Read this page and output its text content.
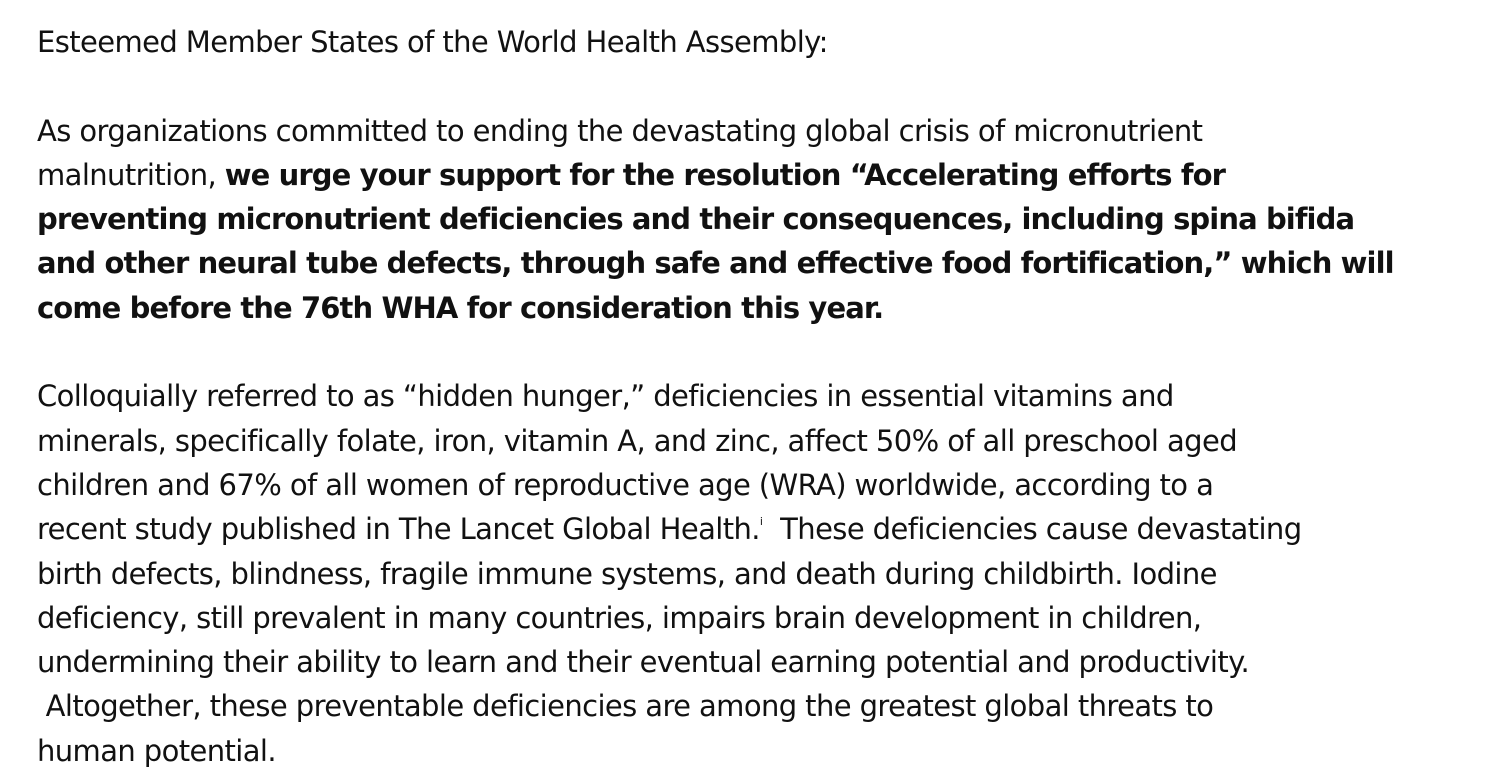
Esteemed Member States of the World Health Assembly:
As organizations committed to ending the devastating global crisis of micronutrient
malnutrition, we urge your support for the resolution “Accelerating efforts for
preventing micronutrient deficiencies and their consequences, including spina bifida
and other neural tube defects, through safe and effective food fortification,” which will
come before the 76th WHA for consideration this year.
Colloquially referred to as “hidden hunger,” deficiencies in essential vitamins and
minerals, specifically folate, iron, vitamin A, and zinc, affect 50% of all preschool aged
children and 67% of all women of reproductive age (WRA) worldwide, according to a
recent study published in The Lancet Global Health.$^i$  These deficiencies cause devastating
birth defects, blindness, fragile immune systems, and death during childbirth. Iodine
deficiency, still prevalent in many countries, impairs brain development in children,
undermining their ability to learn and their eventual earning potential and productivity.
Altogether, these preventable deficiencies are among the greatest global threats to
human potential.
